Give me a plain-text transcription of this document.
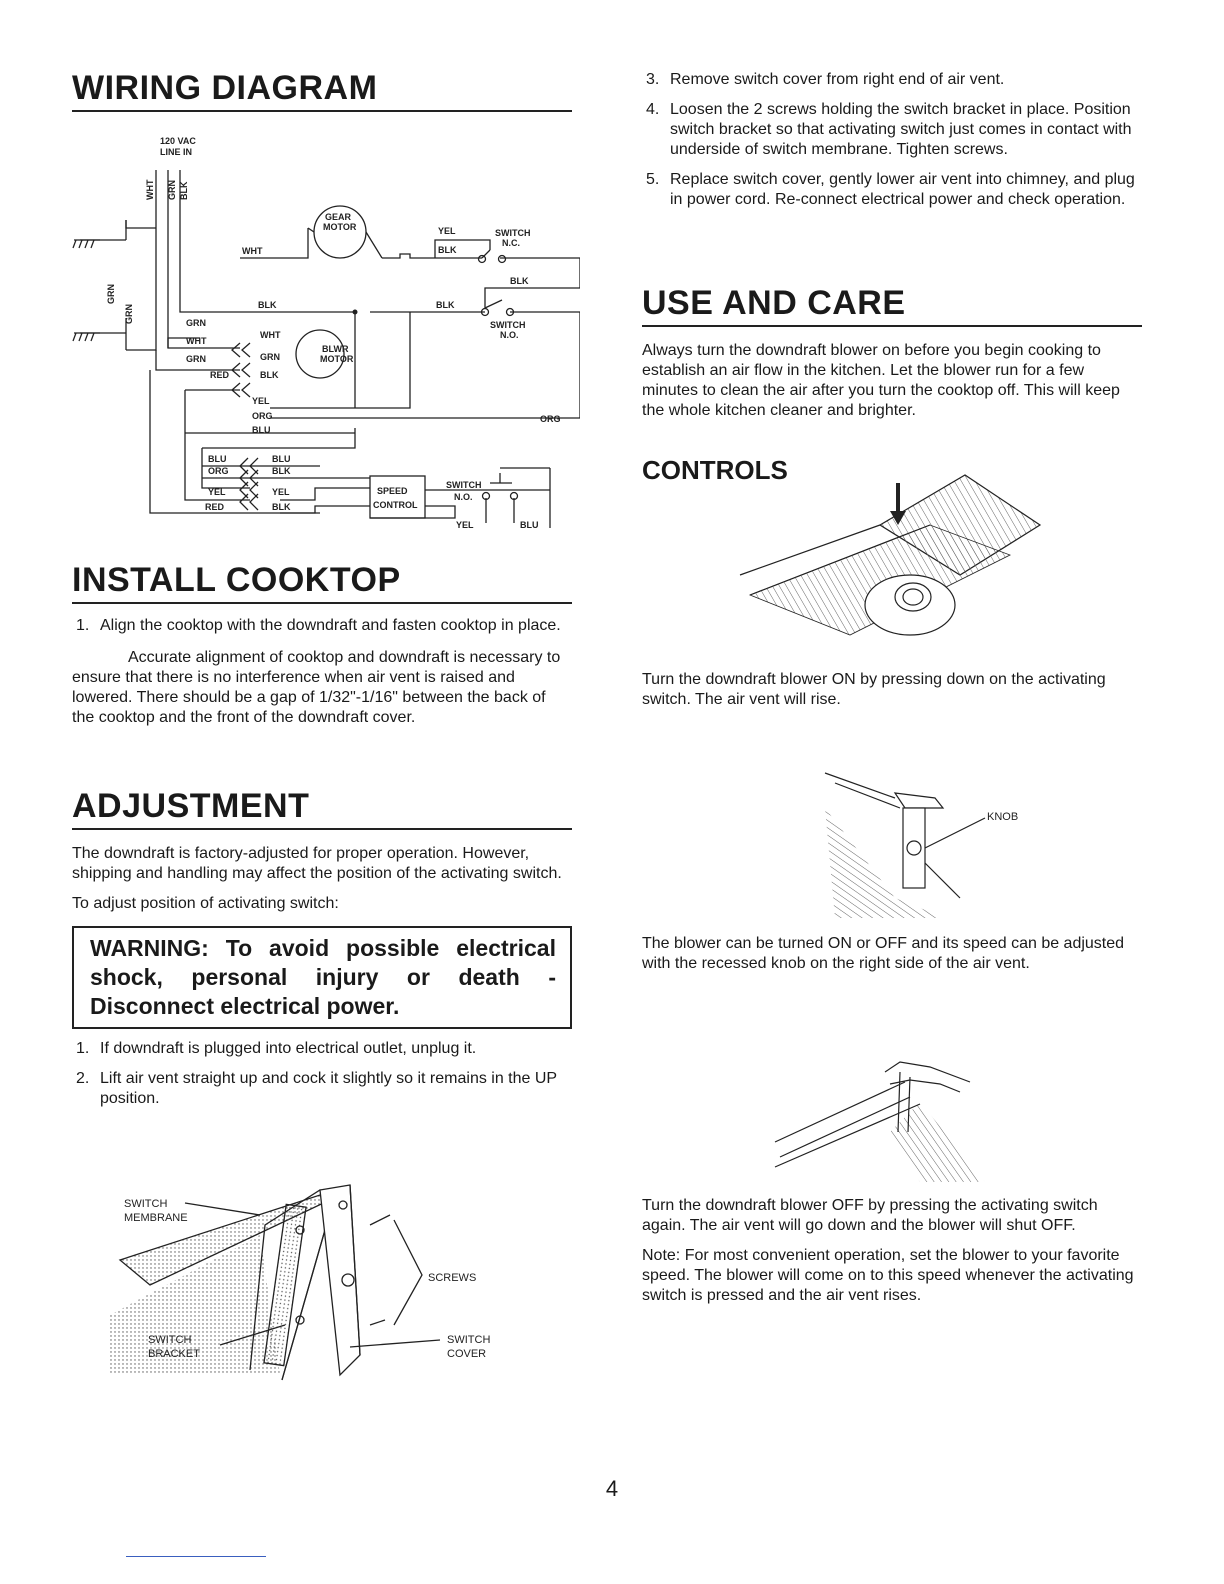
WIRING DIAGRAM
120 VAC
LINE IN
WHT GRN BLK
GRN
GRN
GEAR
MOTOR
WHT
YEL
BLK
SWITCH
N.C.
BLK
BLK	BLK
SWITCH
N.O.
GRN
WHT
GRN
RED
WHT
GRN
BLK
BLWR
MOTOR
YEL
ORG
BLU
ORG
BLU
ORG
YEL
RED
BLU
BLK
YEL
BLK
SPEED
CONTROL
SWITCH
N.O.
YEL	BLU
INSTALL COOKTOP
1. Align the cooktop with the downdraft and fasten cooktop in place.

Accurate alignment of cooktop and downdraft is necessary to ensure that there is no interference when air vent is raised and lowered. There should be a gap of 1/32"-1/16" between the back of the cooktop and the front of the downdraft cover.

ADJUSTMENT

The downdraft is factory-adjusted for proper operation. However, shipping and handling may affect the position of the activating switch.

To adjust position of activating switch:

WARNING: To avoid possible electrical shock, personal injury or death - Disconnect electrical power.
1. If downdraft is plugged into electrical outlet, unplug it.
2. Lift air vent straight up and cock it slightly so it remains in the UP position.
SWITCH
MEMBRANE
SCREWS
SWITCH
BRACKET
SWITCH
COVER
3. Remove switch cover from right end of air vent.
4. Loosen the 2 screws holding the switch bracket in place. Position switch bracket so that activating switch just comes in contact with underside of switch membrane. Tighten screws.
5. Replace switch cover, gently lower air vent into chimney, and plug in power cord. Re-connect electrical power and check operation.
USE AND CARE

Always turn the downdraft blower on before you begin cooking to establish an air flow in the kitchen. Let the blower run for a few minutes to clean the air after you turn the cooktop off. This will keep the whole kitchen cleaner and brighter.

CONTROLS

Turn the downdraft blower ON by pressing down on the activating switch. The air vent will rise.

KNOB

The blower can be turned ON or OFF and its speed can be adjusted with the recessed knob on the right side of the air vent.

Turn the downdraft blower OFF by pressing the activating switch again. The air vent will go down and the blower will shut OFF.

Note: For most convenient operation, set the blower to your favorite speed. The blower will come on to this speed whenever the activating switch is pressed and the air vent rises.

4
